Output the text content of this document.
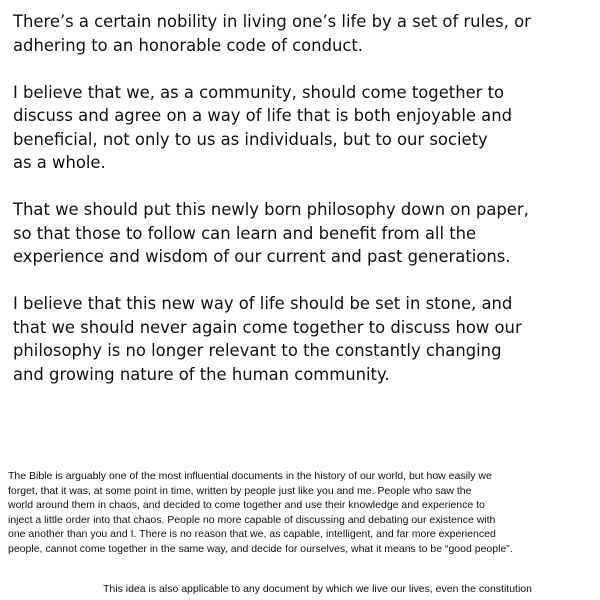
There’s a certain nobility in living one’s life by a set of rules, or
adhering to an honorable code of conduct.

I believe that we, as a community, should come together to
discuss and agree on a way of life that is both enjoyable and
beneficial, not only to us as individuals, but to our society
as a whole.

That we should put this newly born philosophy down on paper,
so that those to follow can learn and benefit from all the
experience and wisdom of our current and past generations.

I believe that this new way of life should be set in stone, and
that we should never again come together to discuss how our
philosophy is no longer relevant to the constantly changing
and growing nature of the human community.

The Bible is arguably one of the most influential documents in the history of our world, but how easily we
forget, that it was, at some point in time, written by people just like you and me. People who saw the
world around them in chaos, and decided to come together and use their knowledge and experience to
inject a little order into that chaos. People no more capable of discussing and debating our existence with
one another than you and I. There is no reason that we, as capable, intelligent, and far more experienced
people, cannot come together in the same way, and decide for ourselves, what it means to be “good people”.
This idea is also applicable to any document by which we live our lives, even the constitution
